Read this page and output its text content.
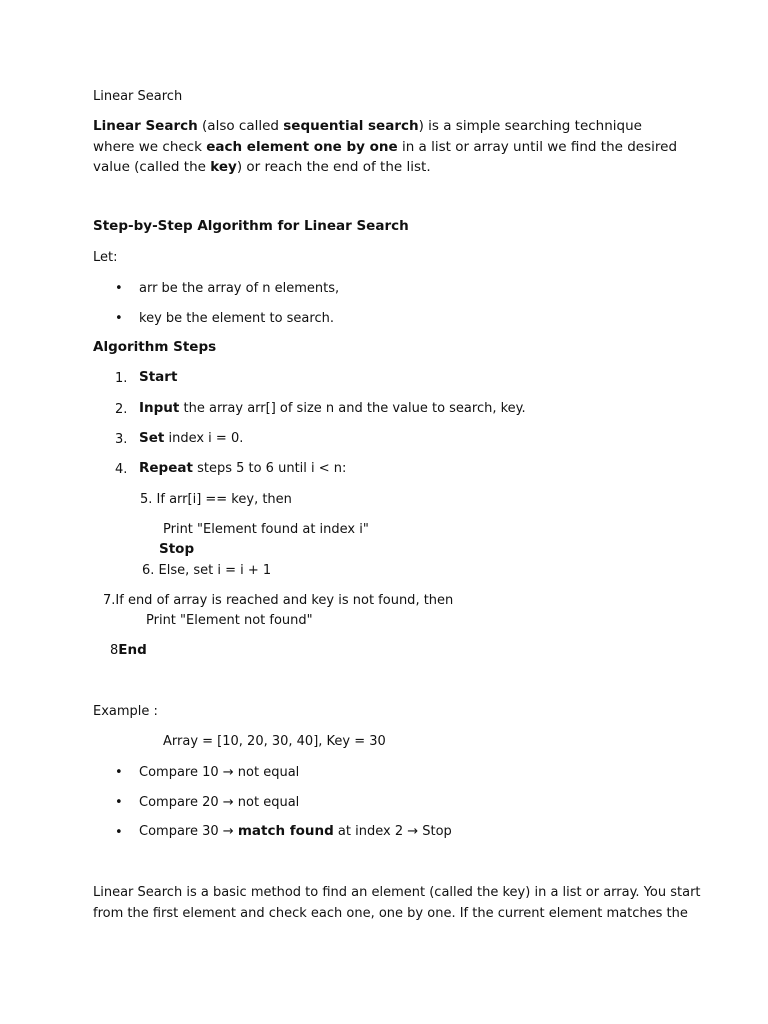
Linear Search
Linear Search (also called sequential search) is a simple searching technique where we check each element one by one in a list or array until we find the desired value (called the key) or reach the end of the list.
Step-by-Step Algorithm for Linear Search
Let:
• arr be the array of n elements,
• key be the element to search.
Algorithm Steps
1. Start
2. Input the array arr[] of size n and the value to search, key.
3. Set index i = 0.
4. Repeat steps 5 to 6 until i < n:
5. If arr[i] == key, then
Print "Element found at index i"
Stop
6. Else, set i = i + 1
7.If end of array is reached and key is not found, then
Print "Element not found"
8End
Example :
Array = [10, 20, 30, 40], Key = 30
• Compare 10 → not equal
• Compare 20 → not equal
• Compare 30 → match found at index 2 → Stop
Linear Search is a basic method to find an element (called the key) in a list or array. You start
from the first element and check each one, one by one. If the current element matches the
